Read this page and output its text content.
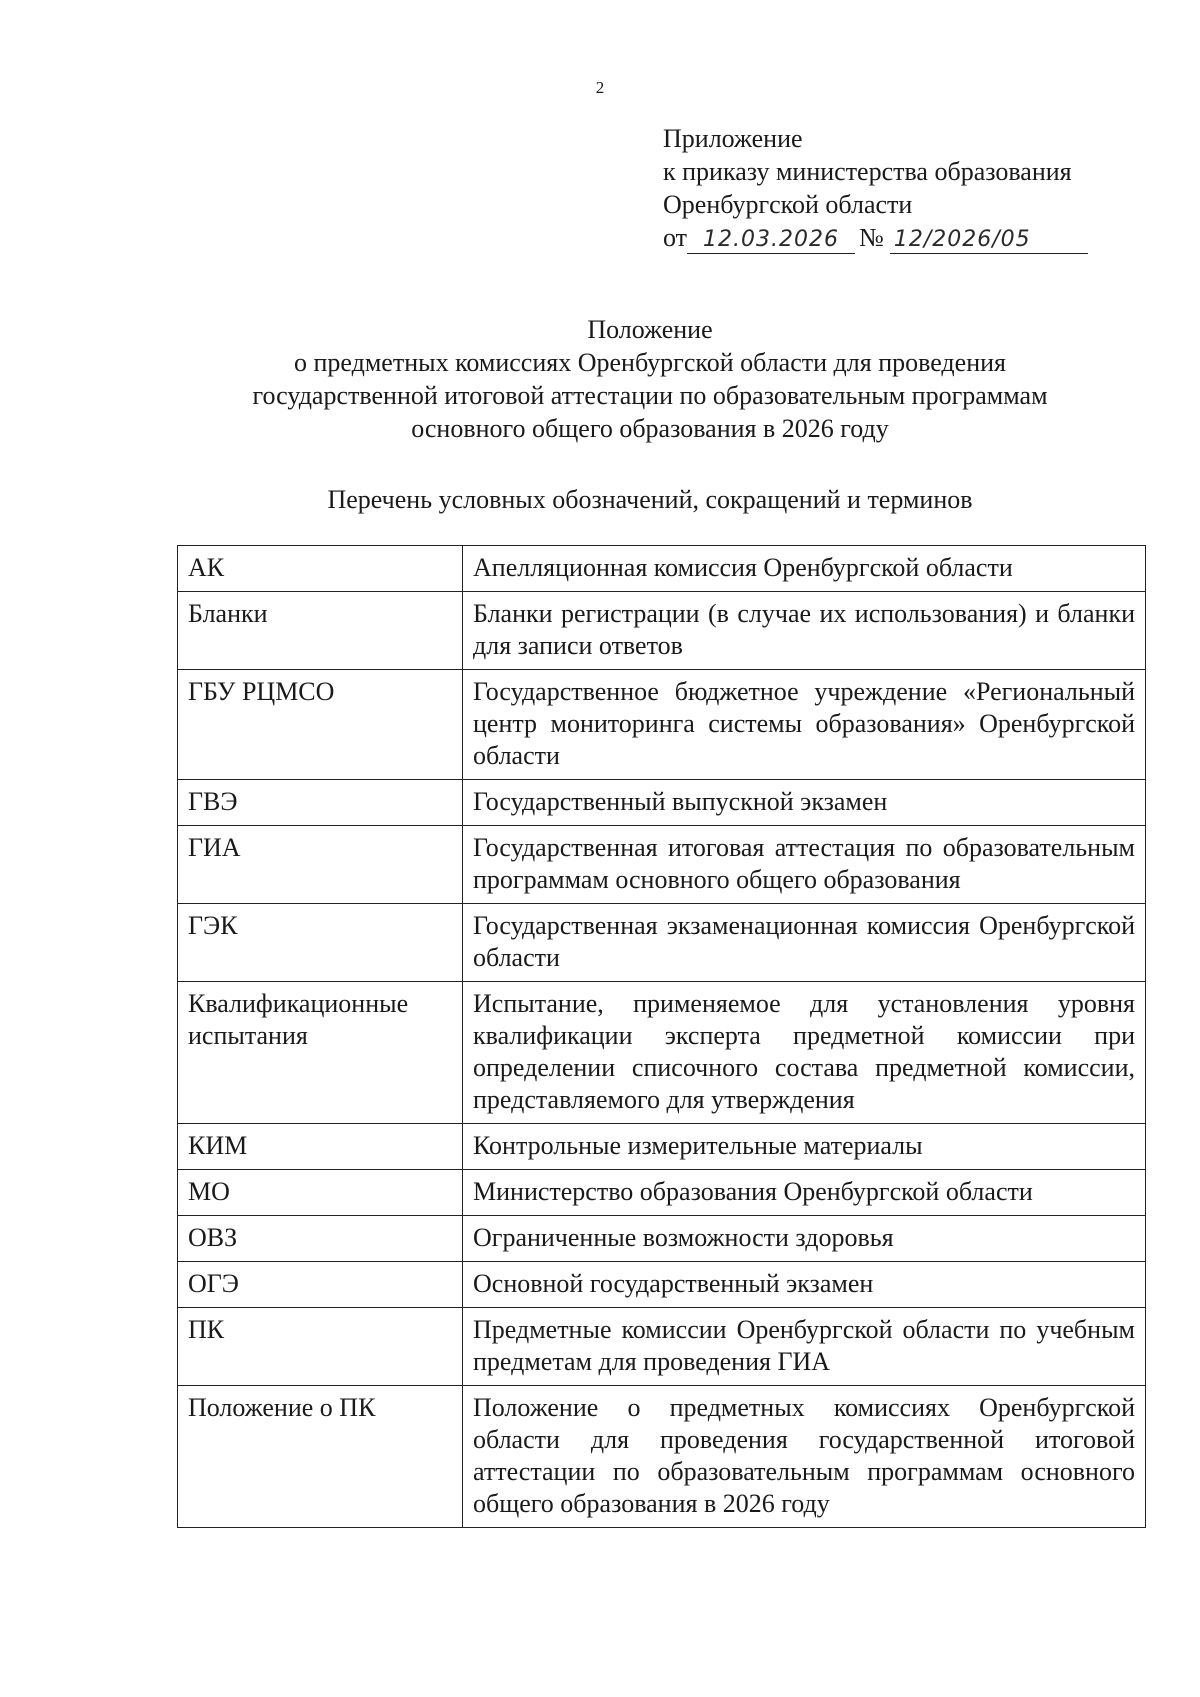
2
Приложение
к приказу министерства образования
Оренбургской области
от 12.03.2026 № 12/2026/05
Положение
о предметных комиссиях Оренбургской области для проведения
государственной итоговой аттестации по образовательным программам
основного общего образования в 2026 году
Перечень условных обозначений, сокращений и терминов
АК	Апелляционная комиссия Оренбургской области
Бланки	Бланки регистрации (в случае их использования) и бланки для записи ответов
ГБУ РЦМСО	Государственное бюджетное учреждение «Региональный центр мониторинга системы образования» Оренбургской области
ГВЭ	Государственный выпускной экзамен
ГИА	Государственная итоговая аттестация по образовательным программам основного общего образования
ГЭК	Государственная экзаменационная комиссия Оренбургской области
Квалификационные испытания	Испытание, применяемое для установления уровня квалификации эксперта предметной комиссии при определении списочного состава предметной комиссии, представляемого для утверждения
КИМ	Контрольные измерительные материалы
МО	Министерство образования Оренбургской области
ОВЗ	Ограниченные возможности здоровья
ОГЭ	Основной государственный экзамен
ПК	Предметные комиссии Оренбургской области по учебным предметам для проведения ГИА
Положение о ПК	Положение о предметных комиссиях Оренбургской области для проведения государственной итоговой аттестации по образовательным программам основного общего образования в 2026 году
